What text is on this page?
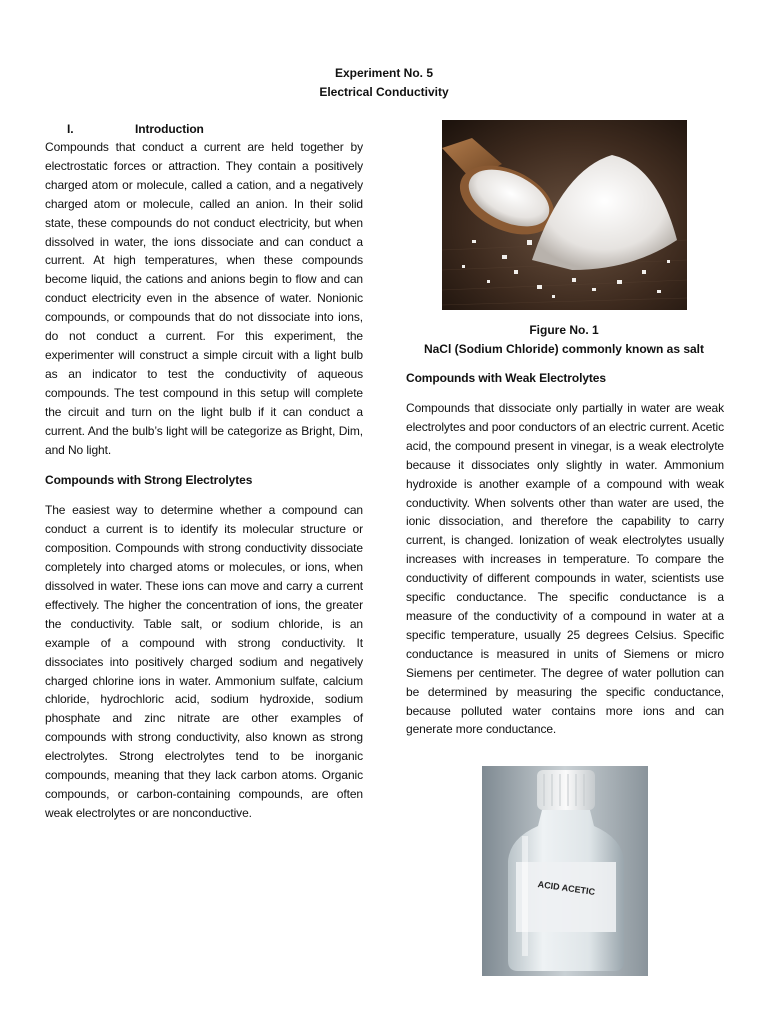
Experiment No. 5
Electrical Conductivity
I.	Introduction

Compounds that conduct a current are held together by electrostatic forces or attraction. They contain a positively charged atom or molecule, called a cation, and a negatively charged atom or molecule, called an anion. In their solid state, these compounds do not conduct electricity, but when dissolved in water, the ions dissociate and can conduct a current. At high temperatures, when these compounds become liquid, the cations and anions begin to flow and can conduct electricity even in the absence of water. Nonionic compounds, or compounds that do not dissociate into ions, do not conduct a current. For this experiment, the experimenter will construct a simple circuit with a light bulb as an indicator to test the conductivity of aqueous compounds. The test compound in this setup will complete the circuit and turn on the light bulb if it can conduct a current. And the bulb’s light will be categorize as Bright, Dim, and No light.

Compounds with Strong Electrolytes

The easiest way to determine whether a compound can conduct a current is to identify its molecular structure or composition. Compounds with strong conductivity dissociate completely into charged atoms or molecules, or ions, when dissolved in water. These ions can move and carry a current effectively. The higher the concentration of ions, the greater the conductivity. Table salt, or sodium chloride, is an example of a compound with strong conductivity. It dissociates into positively charged sodium and negatively charged chlorine ions in water. Ammonium sulfate, calcium chloride, hydrochloric acid, sodium hydroxide, sodium phosphate and zinc nitrate are other examples of compounds with strong conductivity, also known as strong electrolytes. Strong electrolytes tend to be inorganic compounds, meaning that they lack carbon atoms. Organic compounds, or carbon-containing compounds, are often weak electrolytes or are nonconductive.

Figure No. 1
NaCl (Sodium Chloride) commonly known as salt
Compounds with Weak Electrolytes

Compounds that dissociate only partially in water are weak electrolytes and poor conductors of an electric current. Acetic acid, the compound present in vinegar, is a weak electrolyte because it dissociates only slightly in water. Ammonium hydroxide is another example of a compound with weak conductivity. When solvents other than water are used, the ionic dissociation, and therefore the capability to carry current, is changed. Ionization of weak electrolytes usually increases with increases in temperature. To compare the conductivity of different compounds in water, scientists use specific conductance. The specific conductance is a measure of the conductivity of a compound in water at a specific temperature, usually 25 degrees Celsius. Specific conductance is measured in units of Siemens or micro Siemens per centimeter. The degree of water pollution can be determined by measuring the specific conductance, because polluted water contains more ions and can generate more conductance.

ACID ACETIC
